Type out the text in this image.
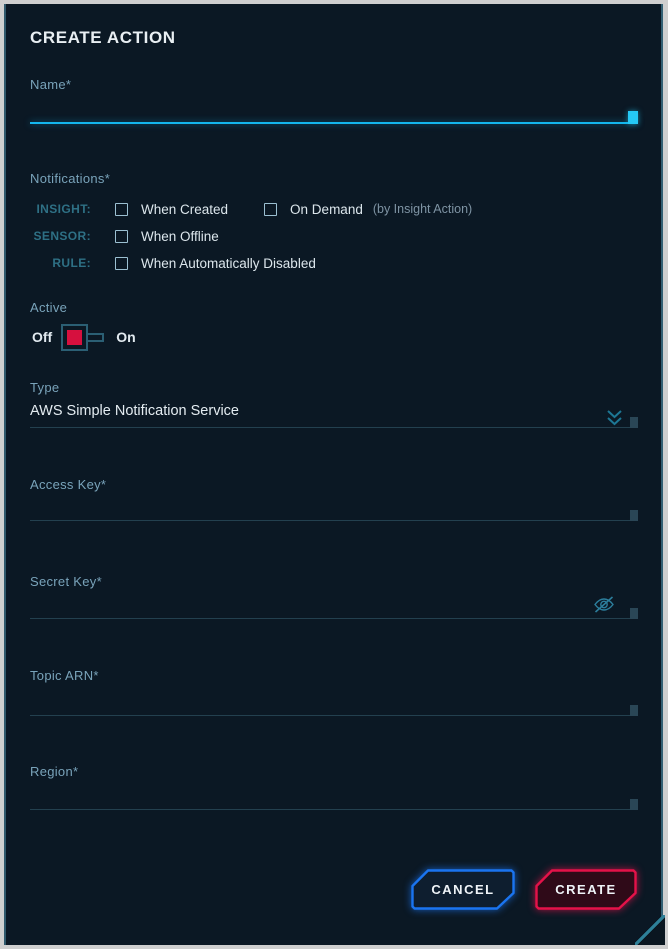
CREATE ACTION
Name*
Notifications*
INSIGHT:	When Created	On Demand (by Insight Action)
SENSOR:	When Offline
RULE:	When Automatically Disabled
Active
Off	On
Type
AWS Simple Notification Service
Access Key*
Secret Key*
Topic ARN*
Region*
CANCEL	CREATE
